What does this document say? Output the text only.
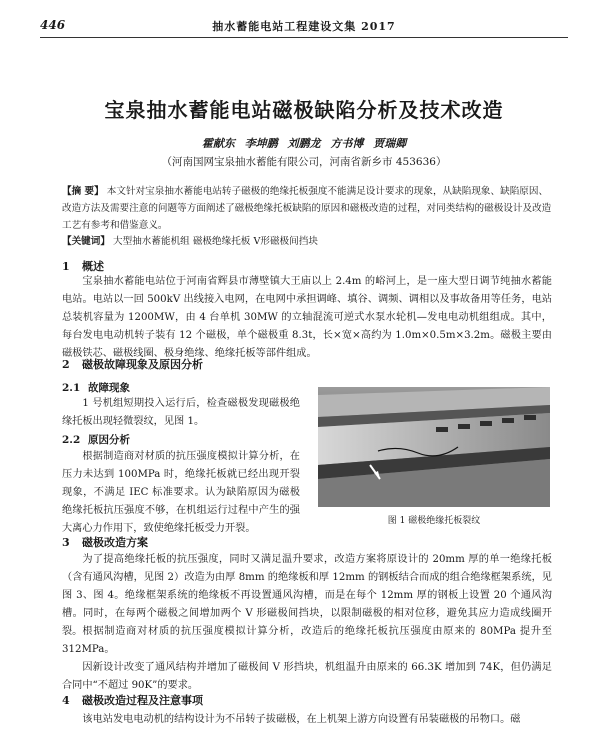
446	抽水蓄能电站工程建设文集 2017
宝泉抽水蓄能电站磁极缺陷分析及技术改造
霍献东 李坤鹏 刘鹏龙 方书博 贾瑞卿
（河南国网宝泉抽水蓄能有限公司，河南省新乡市 453636）
【摘 要】 本文针对宝泉抽水蓄能电站转子磁极的绝缘托板强度不能满足设计要求的现象，从缺陷现象、缺陷原因、改造方法及需要注意的问题等方面阐述了磁极绝缘托板缺陷的原因和磁极改造的过程，对同类结构的磁极设计及改造工艺有参考和借鉴意义。
【关键词】 大型抽水蓄能机组 磁极绝缘托板 V形磁极间挡块
1 概述
宝泉抽水蓄能电站位于河南省辉县市薄壁镇大王庙以上 2.4m 的峪河上，是一座大型日调节纯抽水蓄能电站。电站以一回 500kV 出线接入电网，在电网中承担调峰、填谷、调频、调相以及事故备用等任务，电站总装机容量为 1200MW，由 4 台单机 30MW 的立轴混流可逆式水泵水轮机—发电电动机组组成。其中，每台发电电动机转子装有 12 个磁极，单个磁极重 8.3t，长×宽×高约为 1.0m×0.5m×3.2m。磁极主要由磁极铁芯、磁极线圈、极身绝缘、绝缘托板等部件组成。
2 磁极故障现象及原因分析
2.1 故障现象
1 号机组短期投入运行后，检查磁极发现磁极绝缘托板出现轻微裂纹，见图 1。
2.2 原因分析
根据制造商对材质的抗压强度模拟计算分析，在压力未达到 100MPa 时，绝缘托板就已经出现开裂现象，不满足 IEC 标准要求。认为缺陷原因为磁极绝缘托板抗压强度不够，在机组运行过程中产生的强大离心力作用下，致使绝缘托板受力开裂。
图 1 磁极绝缘托板裂纹
3 磁极改造方案
为了提高绝缘托板的抗压强度，同时又满足温升要求，改造方案将原设计的 20mm 厚的单一绝缘托板（含有通风沟槽，见图 2）改造为由厚 8mm 的绝缘板和厚 12mm 的钢板结合而成的组合绝缘框架系统，见图 3、图 4。绝缘框架系统的绝缘板不再设置通风沟槽，而是在每个 12mm 厚的钢板上设置 20 个通风沟槽。同时，在每两个磁极之间增加两个 V 形磁极间挡块，以限制磁极的相对位移，避免其应力造成线圈开裂。 根据制造商对材质的抗压强度模拟计算分析，改造后的绝缘托板抗压强度由原来的 80MPa 提升至 312MPa。
因新设计改变了通风结构并增加了磁极间 V 形挡块，机组温升由原来的 66.3K 增加到 74K，但仍满足合同中“不超过 90K”的要求。
4 磁极改造过程及注意事项
该电站发电电动机的结构设计为不吊转子拔磁极，在上机架上游方向设置有吊装磁极的吊物口。磁
